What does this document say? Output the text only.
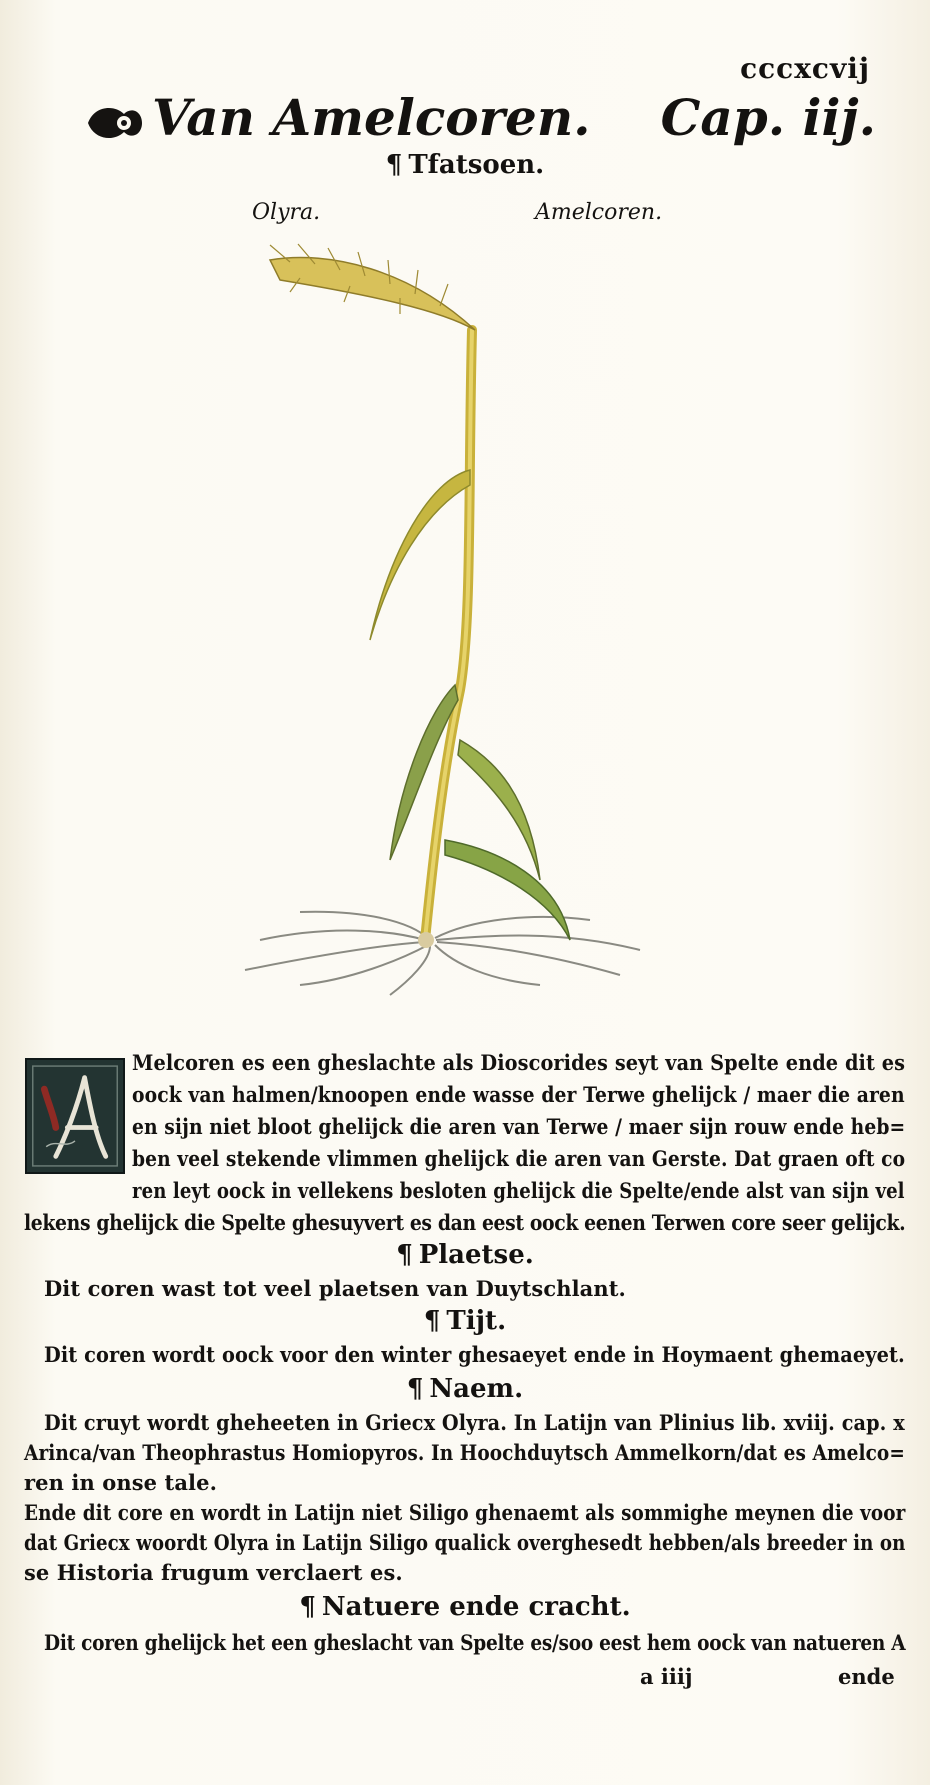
cccxcvij
Van Amelcoren. Cap. iij.
¶ Tfatsoen.
Olyra.	Amelcoren.
A	Melcoren es een gheslachte als Dioscorides seyt van Spelte ende dit es
oock van halmen/knoopen ende wasse der Terwe ghelijck / maer die aren
en sijn niet bloot ghelijck die aren van Terwe / maer sijn rouw ende heb=
ben veel stekende vlimmen ghelijck die aren van Gerste. Dat graen oft co
ren leyt oock in vellekens besloten ghelijck die Spelte/ende alst van sijn vel
lekens ghelijck die Spelte ghesuyvert es dan eest oock eenen Terwen core seer gelijck.
¶ Plaetse.
Dit coren wast tot veel plaetsen van Duytschlant.
¶ Tijt.
Dit coren wordt oock voor den winter ghesaeyet ende in Hoymaent ghemaeyet.
¶ Naem.
Dit cruyt wordt gheheeten in Griecx Olyra. In Latijn van Plinius lib. xviij. cap. x
Arinca/van Theophrastus Homiopyros. In Hoochduytsch Ammelkorn/dat es Amelco=
ren in onse tale.
Ende dit core en wordt in Latijn niet Siligo ghenaemt als sommighe meynen die voor
dat Griecx woordt Olyra in Latijn Siligo qualick overghesedt hebben/als breeder in on
se Historia frugum verclaert es.
¶ Natuere ende cracht.
Dit coren ghelijck het een gheslacht van Spelte es/soo eest hem oock van natueren A
a iiij	ende
